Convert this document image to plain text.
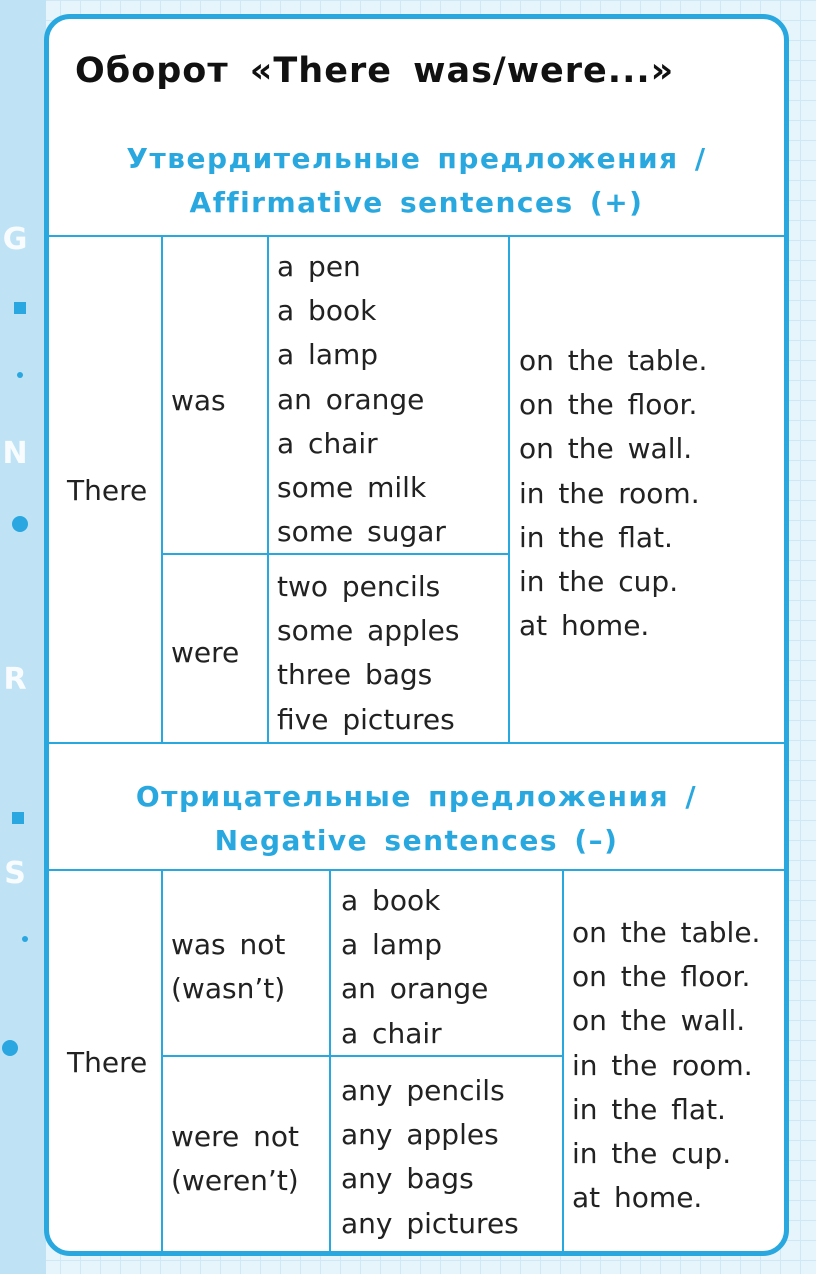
G
N
R
S
Оборот «There was/were...»
Утвердительные предложения /
Affirmative sentences (+)
There
was
were
a pen
a book
a lamp
an orange
a chair
some milk
some sugar
two pencils
some apples
three bags
five pictures
on the table.
on the floor.
on the wall.
in the room.
in the flat.
in the cup.
at home.
Отрицательные предложения /
Negative sentences (–)
There
was not
(wasn’t)
were not
(weren’t)
a book
a lamp
an orange
a chair
any pencils
any apples
any bags
any pictures
on the table.
on the floor.
on the wall.
in the room.
in the flat.
in the cup.
at home.
